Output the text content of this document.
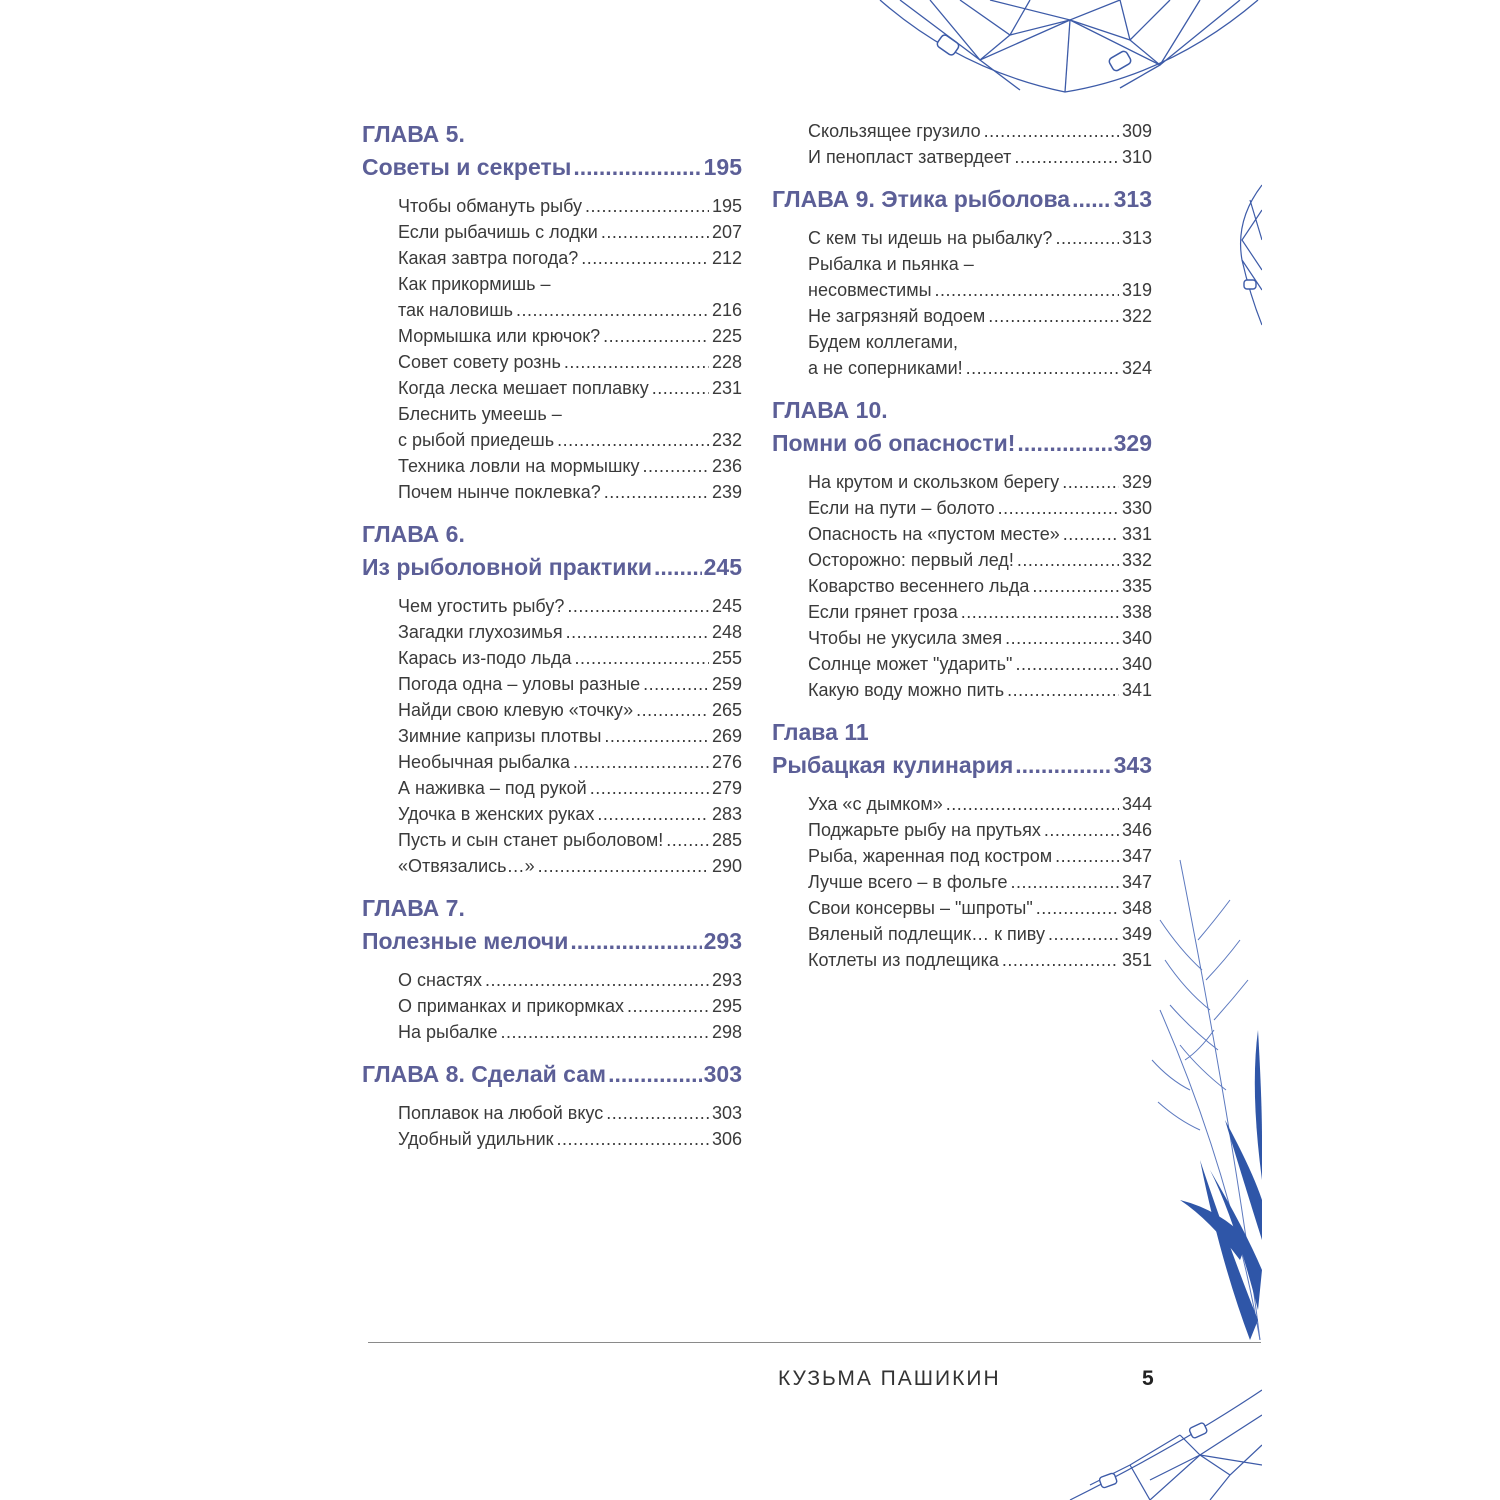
ГЛАВА 5.
Советы и секреты .....	195
Чтобы обмануть рыбу .....	195
Если рыбачишь с лодки .....	207
Какая завтра погода? .....	212
Как прикормишь –
так наловишь .....	216
Мормышка или крючок? .....	225
Совет совету рознь .....	228
Когда леска мешает поплавку .....	231
Блеснить умеешь –
с рыбой приедешь .....	232
Техника ловли на мормышку .....	236
Почем нынче поклевка? .....	239
ГЛАВА 6.
Из рыболовной практики ..... 245
Чем угостить рыбу? .....	245
Загадки глухозимья .....	248
Карась из-подо льда .....	255
Погода одна – уловы разные .....	259
Найди свою клевую «точку» .....	265
Зимние капризы плотвы .....	269
Необычная рыбалка .....	276
А наживка – под рукой .....	279
Удочка в женских руках .....	283
Пусть и сын станет рыболовом! .....	285
«Отвязались…» .....	290
ГЛАВА 7.
Полезные мелочи .....	293
О снастях .....	293
О приманках и прикормках .....	295
На рыбалке .....	298
ГЛАВА 8. Сделай сам .....	303
Поплавок на любой вкус .....	303
Удобный удильник .....	306
Скользящее грузило .....	309
И пенопласт затвердеет .....	310
ГЛАВА 9. Этика рыболова ..... 313
С кем ты идешь на рыбалку? .....	313
Рыбалка и пьянка –
несовместимы .....	319
Не загрязняй водоем .....	322
Будем коллегами,
а не соперниками! .....	324
ГЛАВА 10.
Помни об опасности! .....	329
На крутом и скользком берегу .....	329
Если на пути – болото .....	330
Опасность на «пустом месте» .....	331
Осторожно: первый лед! .....	332
Коварство весеннего льда .....	335
Если грянет гроза .....	338
Чтобы не укусила змея .....	340
Солнце может "ударить" .....	340
Какую воду можно пить .....	341
Глава 11
Рыбацкая кулинария .....	343
Уха «с дымком» .....	344
Поджарьте рыбу на прутьях .....	346
Рыба, жаренная под костром .....	347
Лучше всего – в фольге .....	347
Свои консервы – "шпроты" .....	348
Вяленый подлещик… к пиву .....	349
Котлеты из подлещика .....	351
КУЗЬМА ПАШИКИН	5
